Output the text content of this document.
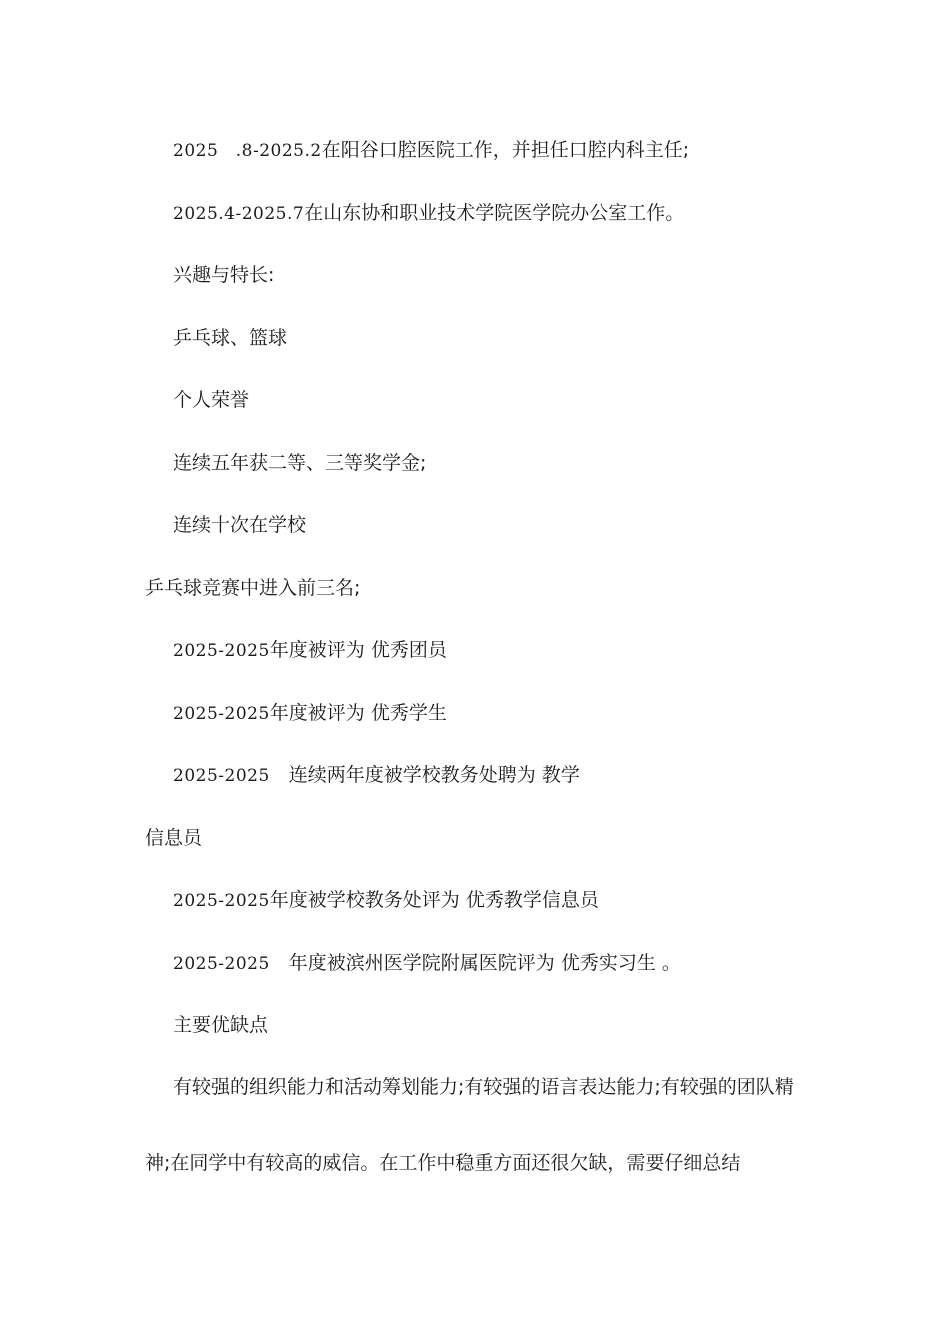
2025　.8-2025.2在阳谷口腔医院工作，并担任口腔内科主任;
2025.4-2025.7在山东协和职业技术学院医学院办公室工作。
兴趣与特长:
乒乓球、篮球
个人荣誉
连续五年获二等、三等奖学金;
连续十次在学校
乒乓球竞赛中进入前三名;
2025-2025年度被评为 优秀团员
2025-2025年度被评为 优秀学生
2025-2025　连续两年度被学校教务处聘为 教学
信息员
2025-2025年度被学校教务处评为 优秀教学信息员
2025-2025　年度被滨州医学院附属医院评为 优秀实习生 。
主要优缺点
有较强的组织能力和活动筹划能力;有较强的语言表达能力;有较强的团队精
神;在同学中有较高的威信。在工作中稳重方面还很欠缺，需要仔细总结
